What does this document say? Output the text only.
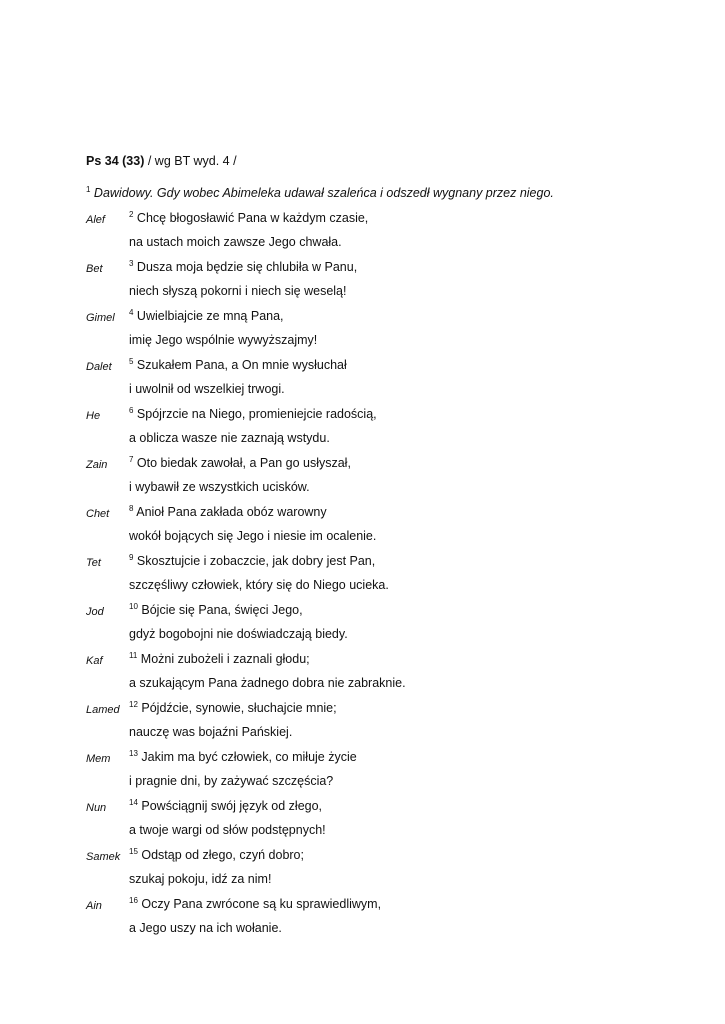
Ps 34 (33) / wg BT wyd. 4 /
$^1$ Dawidowy. Gdy wobec Abimeleka udawał szaleńca i odszedł wygnany przez niego.
Alef	$^2$ Chcę błogosławić Pana w każdym czasie,
na ustach moich zawsze Jego chwała.
Bet	$^3$ Dusza moja będzie się chlubiła w Panu,
niech słyszą pokorni i niech się weselą!
Gimel $^4$ Uwielbiajcie ze mną Pana,
imię Jego wspólnie wywyższajmy!
Dalet $^5$ Szukałem Pana, a On mnie wysłuchał
i uwolnił od wszelkiej trwogi.
He	$^6$ Spójrzcie na Niego, promieniejcie radością,
a oblicza wasze nie zaznają wstydu.
Zain	$^7$ Oto biedak zawołał, a Pan go usłyszał,
i wybawił ze wszystkich ucisków.
Chet $^8$ Anioł Pana zakłada obóz warowny
wokół bojących się Jego i niesie im ocalenie.
Tet	$^9$ Skosztujcie i zobaczcie, jak dobry jest Pan,
szczęśliwy człowiek, który się do Niego ucieka.
Jod	$^{10}$ Bójcie się Pana, święci Jego,
gdyż bogobojni nie doświadczają biedy.
Kaf	$^{11}$ Możni zubożeli i zaznali głodu;
a szukającym Pana żadnego dobra nie zabraknie.
Lamed $^{12}$ Pójdźcie, synowie, słuchajcie mnie;
nauczę was bojaźni Pańskiej.
Mem $^{13}$ Jakim ma być człowiek, co miłuje życie
i pragnie dni, by zażywać szczęścia?
Nun	$^{14}$ Powściągnij swój język od złego,
a twoje wargi od słów podstępnych!
Samek $^{15}$ Odstąp od złego, czyń dobro;
szukaj pokoju, idź za nim!
Ain	$^{16}$ Oczy Pana zwrócone są ku sprawiedliwym,
a Jego uszy na ich wołanie.
